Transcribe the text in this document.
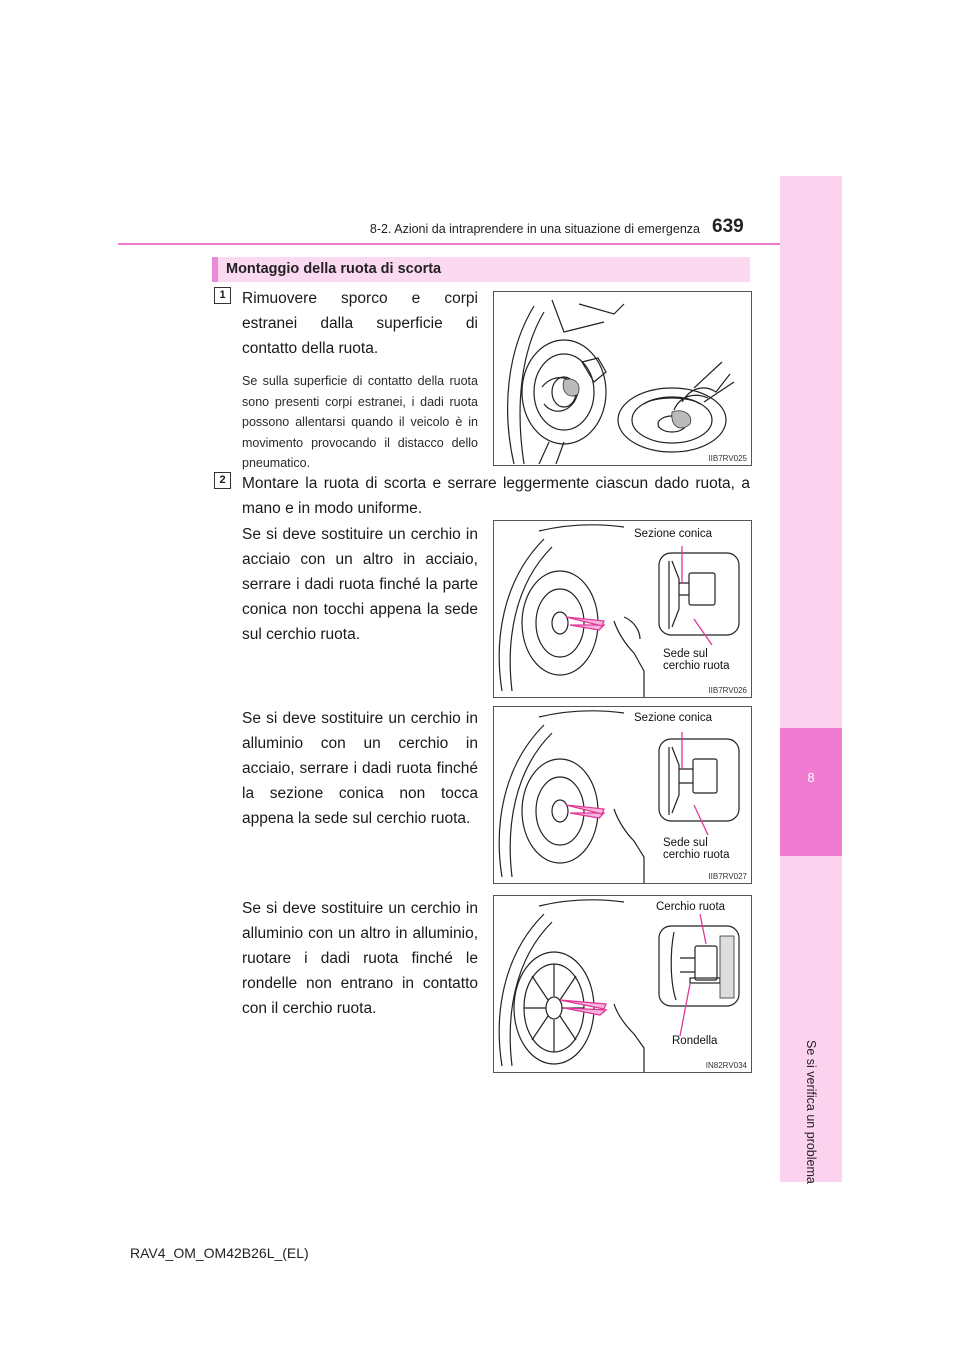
8
Se si verifica un problema
8-2. Azioni da intraprendere in una situazione di emergenza 639
Montaggio della ruota di scorta
1	Rimuovere sporco e corpi estranei dalla superficie di contatto della ruota.
Se sulla superficie di contatto della ruota sono presenti corpi estranei, i dadi ruota possono allentarsi quando il veicolo è in movimento provocando il distacco dello pneumatico.	IIB7RV025
2	Montare la ruota di scorta e serrare leggermente ciascun dado ruota, a mano e in modo uniforme.
Se si deve sostituire un cerchio in acciaio con un altro in acciaio, serrare i dadi ruota finché la parte conica non tocchi appena la sede sul cerchio ruota.
Sezione conica
Sede sul
cerchio ruota
IIB7RV026
Se si deve sostituire un cerchio in alluminio con un cerchio in acciaio, serrare i dadi ruota finché la sezione conica non tocca appena la sede sul cerchio ruota.
Sezione conica
Sede sul
cerchio ruota
IIB7RV027
Se si deve sostituire un cerchio in alluminio con un altro in alluminio, ruotare i dadi ruota finché le rondelle non entrano in contatto con il cerchio ruota.
Cerchio ruota
Rondella
IN82RV034
RAV4_OM_OM42B26L_(EL)
